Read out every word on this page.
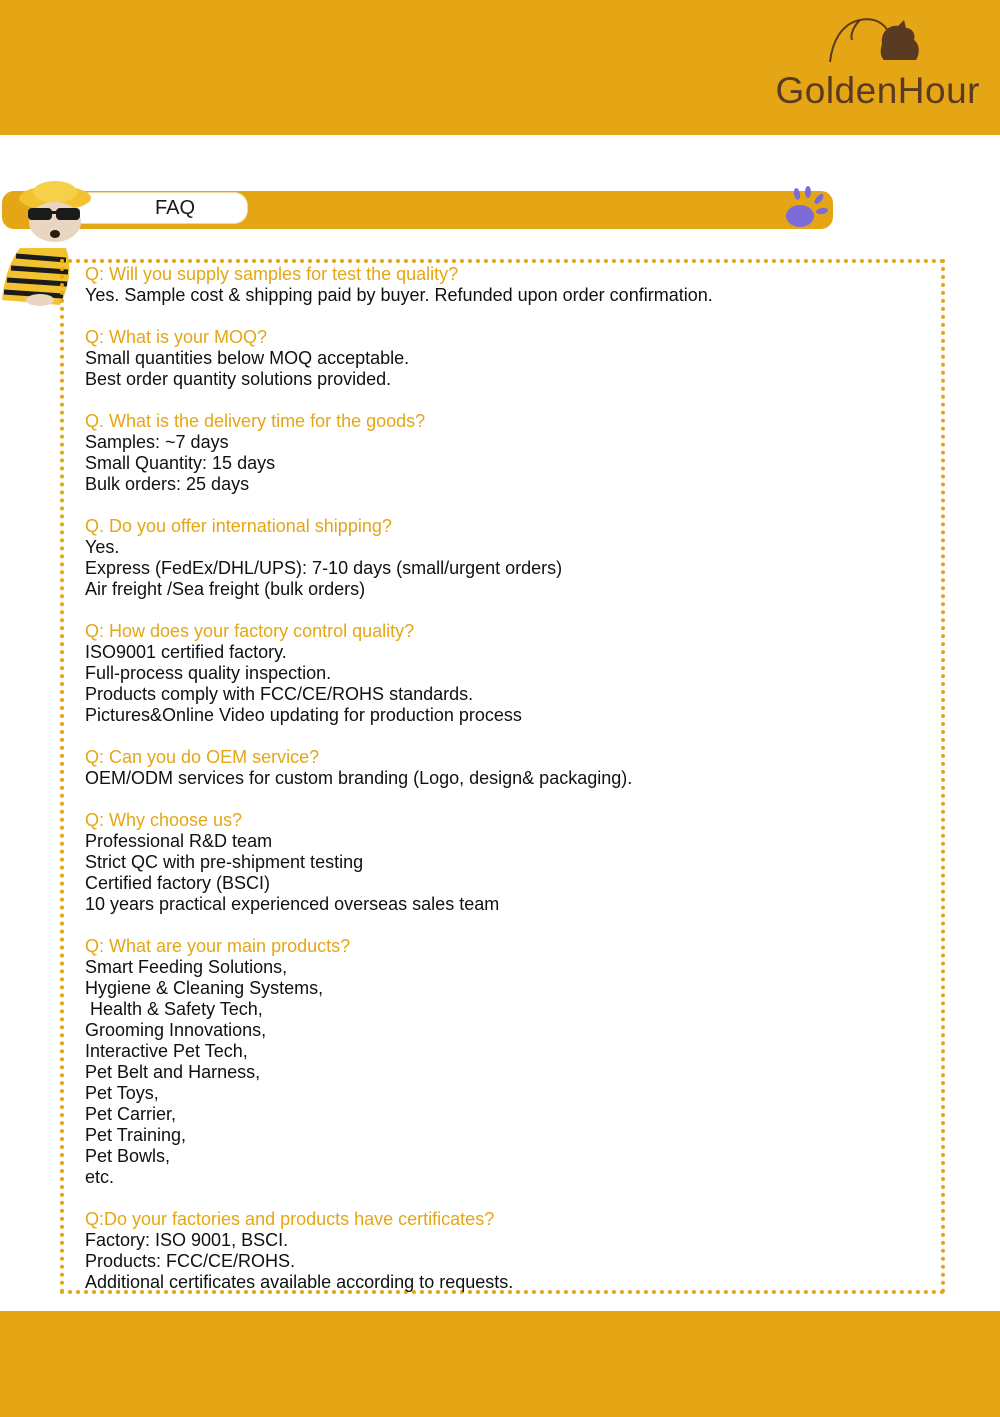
GoldenHour
FAQ
Q: Will you supply samples for test the quality?
Yes. Sample cost & shipping paid by buyer. Refunded upon order confirmation.
Q: What is your MOQ?
Small quantities below MOQ acceptable.
Best order quantity solutions provided.
Q. What is the delivery time for the goods?
Samples: ~7 days
Small Quantity: 15 days
Bulk orders: 25 days
Q. Do you offer international shipping?
Yes.
Express (FedEx/DHL/UPS): 7-10 days (small/urgent orders)
Air freight /Sea freight (bulk orders)
Q: How does your factory control quality?
ISO9001 certified factory.
Full-process quality inspection.
Products comply with FCC/CE/ROHS standards.
Pictures&Online Video updating for production process
Q: Can you do OEM service?
OEM/ODM services for custom branding (Logo, design& packaging).
Q: Why choose us?
Professional R&D team
Strict QC with pre-shipment testing
Certified factory (BSCI)
10 years practical experienced overseas sales team
Q: What are your main products?
Smart Feeding Solutions,
Hygiene & Cleaning Systems,
Health & Safety Tech,
Grooming Innovations,
Interactive Pet Tech,
Pet Belt and Harness,
Pet Toys,
Pet Carrier,
Pet Training,
Pet Bowls,
etc.
Q:Do your factories and products have certificates?
Factory: ISO 9001, BSCI.
Products: FCC/CE/ROHS.
Additional certificates available according to requests.
